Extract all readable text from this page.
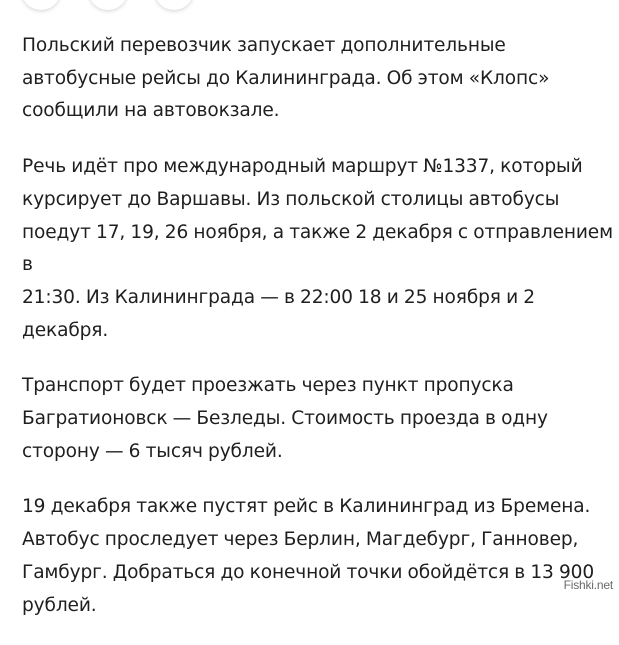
Польский перевозчик запускает дополнительные
автобусные рейсы до Калининграда. Об этом «Клопс»
сообщили на автовокзале.

Речь идёт про международный маршрут №1337, который
курсирует до Варшавы. Из польской столицы автобусы
поедут 17, 19, 26 ноября, а также 2 декабря с отправлением в
21:30. Из Калининграда — в 22:00 18 и 25 ноября и 2
декабря.

Транспорт будет проезжать через пункт пропуска
Багратионовск — Безледы. Стоимость проезда в одну
сторону — 6 тысяч рублей.

19 декабря также пустят рейс в Калининград из Бремена.
Автобус проследует через Берлин, Магдебург, Ганновер,
Гамбург. Добраться до конечной точки обойдётся в 13 900
рублей.

Fishki.net
